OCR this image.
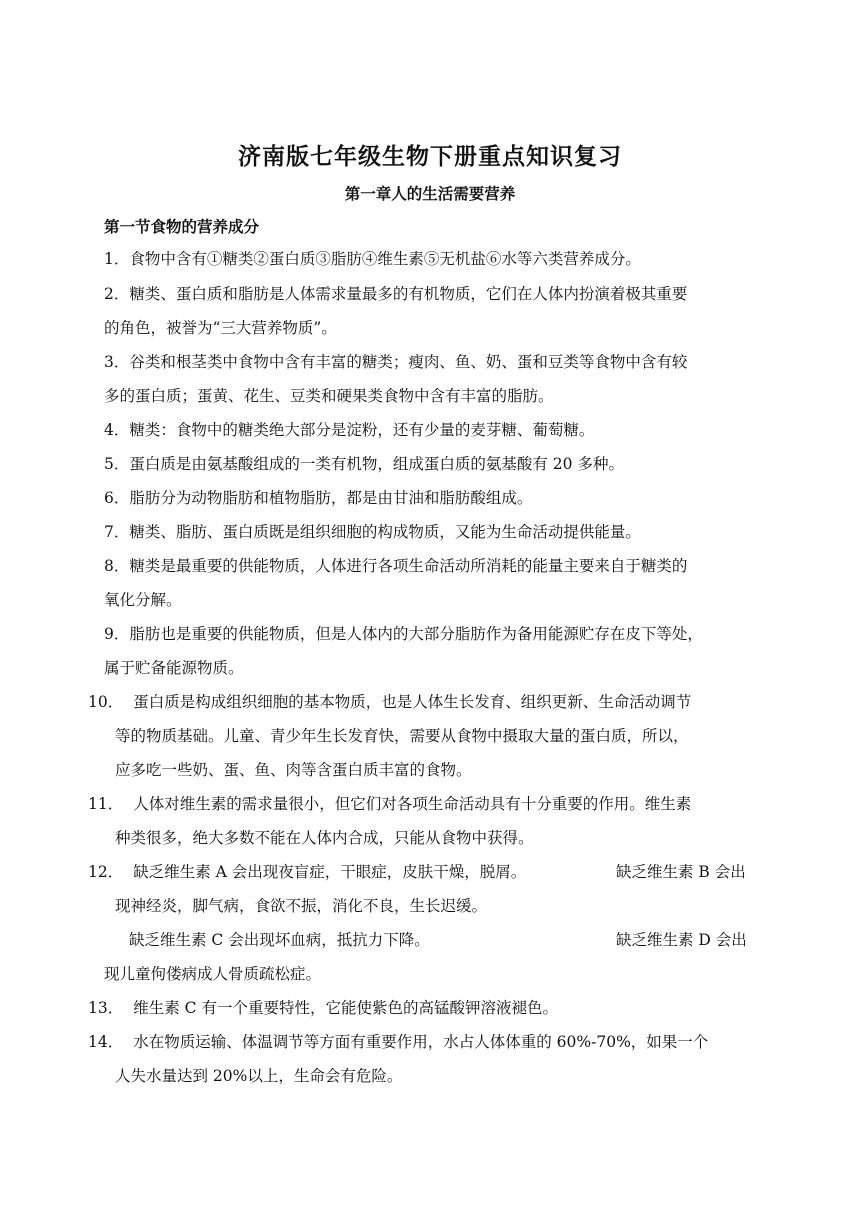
济南版七年级生物下册重点知识复习
第一章人的生活需要营养
第一节食物的营养成分
1．食物中含有①糖类②蛋白质③脂肪④维生素⑤无机盐⑥水等六类营养成分。
2．糖类、蛋白质和脂肪是人体需求量最多的有机物质，它们在人体内扮演着极其重要
的角色，被誉为“三大营养物质”。
3．谷类和根茎类中食物中含有丰富的糖类；瘦肉、鱼、奶、蛋和豆类等食物中含有较
多的蛋白质；蛋黄、花生、豆类和硬果类食物中含有丰富的脂肪。
4．糖类：食物中的糖类绝大部分是淀粉，还有少量的麦芽糖、葡萄糖。
5．蛋白质是由氨基酸组成的一类有机物，组成蛋白质的氨基酸有 20 多种。
6．脂肪分为动物脂肪和植物脂肪，都是由甘油和脂肪酸组成。
7．糖类、脂肪、蛋白质既是组织细胞的构成物质，又能为生命活动提供能量。
8．糖类是最重要的供能物质，人体进行各项生命活动所消耗的能量主要来自于糖类的
氧化分解。
9．脂肪也是重要的供能物质，但是人体内的大部分脂肪作为备用能源贮存在皮下等处，
属于贮备能源物质。
10． 蛋白质是构成组织细胞的基本物质，也是人体生长发育、组织更新、生命活动调节
等的物质基础。儿童、青少年生长发育快，需要从食物中摄取大量的蛋白质，所以，
应多吃一些奶、蛋、鱼、肉等含蛋白质丰富的食物。
11． 人体对维生素的需求量很小，但它们对各项生命活动具有十分重要的作用。维生素
种类很多，绝大多数不能在人体内合成，只能从食物中获得。
12． 缺乏维生素 A 会出现夜盲症，干眼症，皮肤干燥，脱屑。	缺乏维生素 B 会出
现神经炎，脚气病，食欲不振，消化不良，生长迟缓。
缺乏维生素 C 会出现坏血病，抵抗力下降。	缺乏维生素 D 会出
现儿童佝偻病成人骨质疏松症。
13． 维生素 C 有一个重要特性，它能使紫色的高锰酸钾溶液褪色。
14． 水在物质运输、体温调节等方面有重要作用，水占人体体重的 60%-70%，如果一个
人失水量达到 20%以上，生命会有危险。
